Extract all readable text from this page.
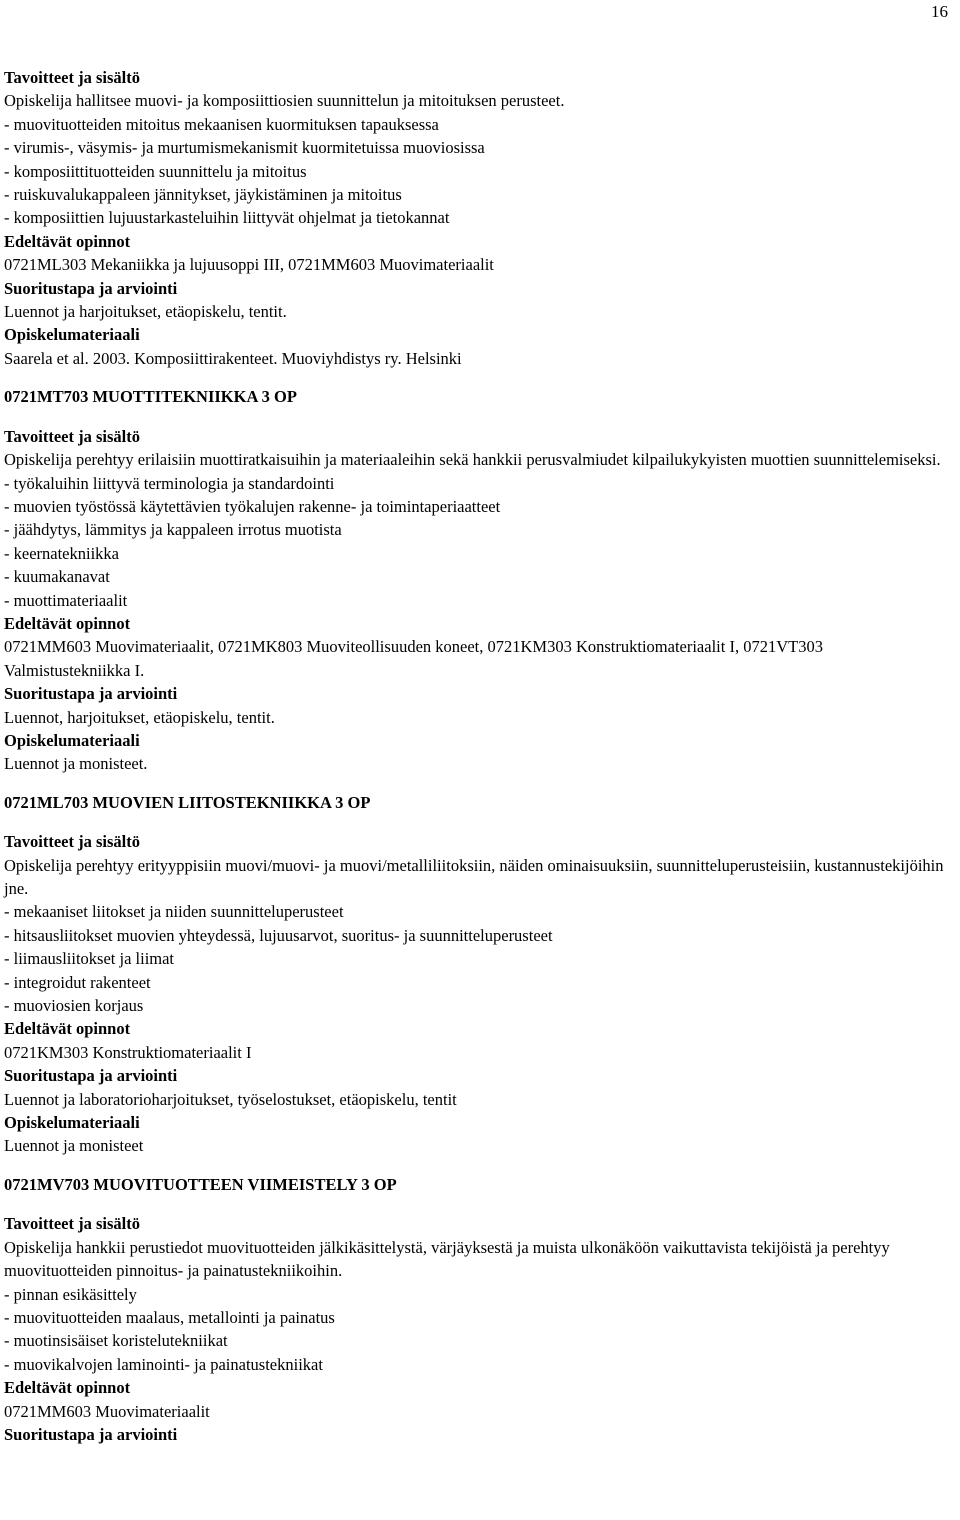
16
Tavoitteet ja sisältö
Opiskelija hallitsee muovi- ja komposiittiosien suunnittelun ja mitoituksen perusteet.
- muovituotteiden mitoitus mekaanisen kuormituksen tapauksessa
- virumis-, väsymis- ja murtumismekanismit kuormitetuissa muoviosissa
- komposiittituotteiden suunnittelu ja mitoitus
- ruiskuvalukappaleen jännitykset, jäykistäminen ja mitoitus
- komposiittien lujuustarkasteluihin liittyvät ohjelmat ja tietokannat
Edeltävät opinnot
0721ML303 Mekaniikka ja lujuusoppi III, 0721MM603 Muovimateriaalit
Suoritustapa ja arviointi
Luennot ja harjoitukset, etäopiskelu, tentit.
Opiskelumateriaali
Saarela et al. 2003. Komposiittirakenteet. Muoviyhdistys ry. Helsinki
0721MT703 MUOTTITEKNIIKKA 3 OP
Tavoitteet ja sisältö
Opiskelija perehtyy erilaisiin muottiratkaisuihin ja materiaaleihin sekä hankkii perusvalmiudet kilpailukykyisten muottien suunnittelemiseksi.
- työkaluihin liittyvä terminologia ja standardointi
- muovien työstössä käytettävien työkalujen rakenne- ja toimintaperiaatteet
- jäähdytys, lämmitys ja kappaleen irrotus muotista
- keernatekniikka
- kuumakanavat
- muottimateriaalit
Edeltävät opinnot
0721MM603 Muovimateriaalit, 0721MK803 Muoviteollisuuden koneet, 0721KM303 Konstruktiomateriaalit I, 0721VT303 Valmistustekniikka I.
Suoritustapa ja arviointi
Luennot, harjoitukset, etäopiskelu, tentit.
Opiskelumateriaali
Luennot ja monisteet.
0721ML703 MUOVIEN LIITOSTEKNIIKKA 3 OP
Tavoitteet ja sisältö
Opiskelija perehtyy erityyppisiin muovi/muovi- ja muovi/metalliliitoksiin, näiden ominaisuuksiin, suunnitteluperusteisiin, kustannustekijöihin jne.
- mekaaniset liitokset ja niiden suunnitteluperusteet
- hitsausliitokset muovien yhteydessä, lujuusarvot, suoritus- ja suunnitteluperusteet
- liimausliitokset ja liimat
- integroidut rakenteet
- muoviosien korjaus
Edeltävät opinnot
0721KM303 Konstruktiomateriaalit I
Suoritustapa ja arviointi
Luennot ja laboratorioharjoitukset, työselostukset, etäopiskelu, tentit
Opiskelumateriaali
Luennot ja monisteet
0721MV703 MUOVITUOTTEEN VIIMEISTELY 3 OP
Tavoitteet ja sisältö
Opiskelija hankkii perustiedot muovituotteiden jälkikäsittelystä, värjäyksestä ja muista ulkonäköön vaikuttavista tekijöistä ja perehtyy muovituotteiden pinnoitus- ja painatustekniikoihin.
- pinnan esikäsittely
- muovituotteiden maalaus, metallointi ja painatus
- muotinsisäiset koristelutekniikat
- muovikalvojen laminointi- ja painatustekniikat
Edeltävät opinnot
0721MM603 Muovimateriaalit
Suoritustapa ja arviointi
